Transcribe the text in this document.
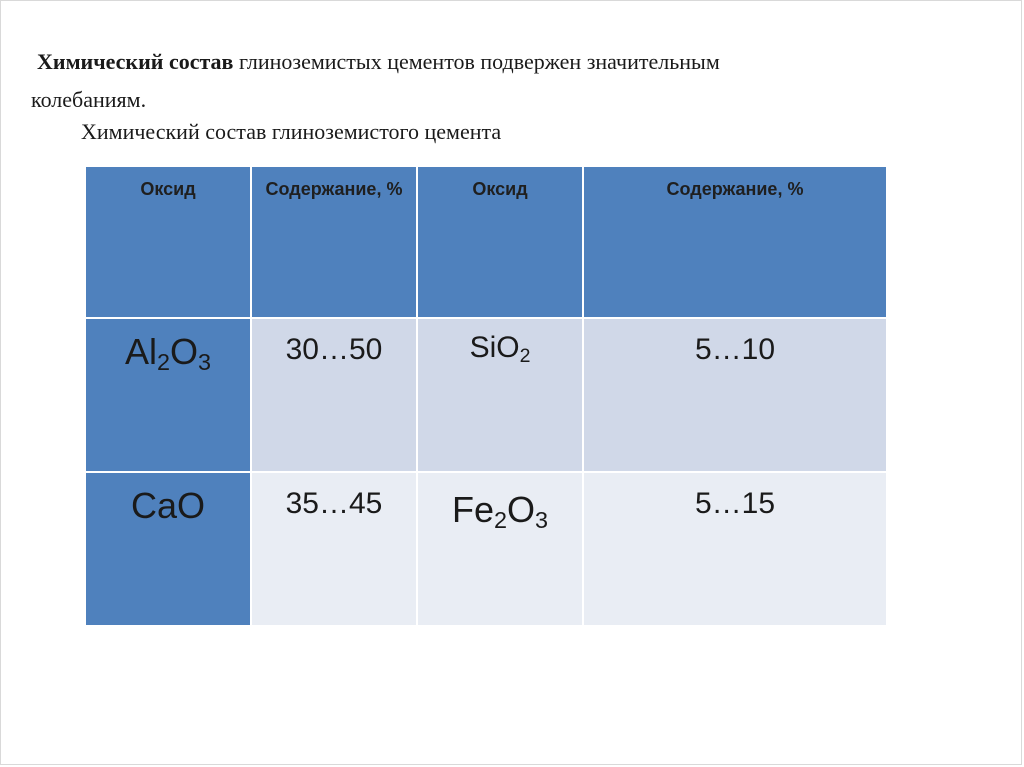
Химический состав глиноземистых цементов подвержен значительным
колебаниям.
Химический состав глиноземистого цемента
Оксид	Содержание, %	Оксид	Содержание, %

$Al_2O_3$	30…50	SiO$_2$	5…10

CaO	35…45	$Fe_2O_3$	5…15
